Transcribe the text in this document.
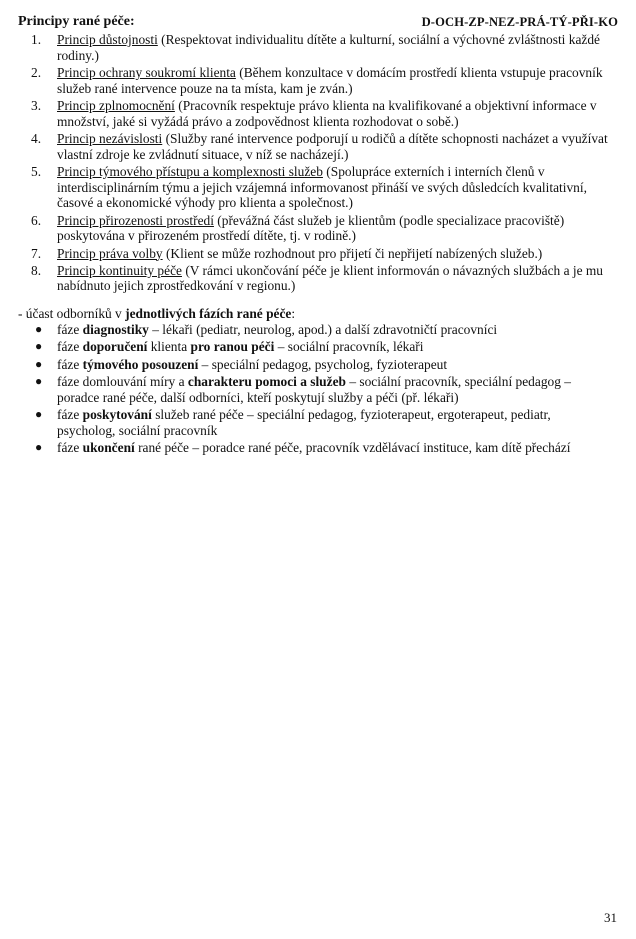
Principy rané péče:	D-OCH-ZP-NEZ-PRÁ-TÝ-PŘI-KO
1.	Princip důstojnosti (Respektovat individualitu dítěte a kulturní, sociální a výchovné zvláštnosti každé rodiny.)
2.	Princip ochrany soukromí klienta (Během konzultace v domácím prostředí klienta vstupuje pracovník služeb rané intervence pouze na ta místa, kam je zván.)
3.	Princip zplnomocnění (Pracovník respektuje právo klienta na kvalifikované a objektivní informace v množství, jaké si vyžádá právo a zodpovědnost klienta rozhodovat o sobě.)
4.	Princip nezávislosti (Služby rané intervence podporují u rodičů a dítěte schopnosti nacházet a využívat vlastní zdroje ke zvládnutí situace, v níž se nacházejí.)
5.	Princip týmového přístupu a komplexnosti služeb (Spolupráce externích i interních členů v interdisciplinárním týmu a jejich vzájemná informovanost přináší ve svých důsledcích kvalitativní, časové a ekonomické výhody pro klienta a společnost.)
6.	Princip přirozenosti prostředí (převážná část služeb je klientům (podle specializace pracoviště) poskytována v přirozeném prostředí dítěte, tj. v rodině.)
7.	Princip práva volby (Klient se může rozhodnout pro přijetí či nepřijetí nabízených služeb.)
8.	Princip kontinuity péče (V rámci ukončování péče je klient informován o návazných službách a je mu nabídnuto jejich zprostředkování v regionu.)
- účast odborníků v jednotlivých fázích rané péče:
●	fáze diagnostiky – lékaři (pediatr, neurolog, apod.) a další zdravotničtí pracovníci
●	fáze doporučení klienta pro ranou péči – sociální pracovník, lékaři
●	fáze týmového posouzení – speciální pedagog, psycholog, fyzioterapeut
●	fáze domlouvání míry a charakteru pomoci a služeb – sociální pracovník, speciální pedagog – poradce rané péče, další odborníci, kteří poskytují služby a péči (př. lékaři)
●	fáze poskytování služeb rané péče – speciální pedagog, fyzioterapeut, ergoterapeut, pediatr, psycholog, sociální pracovník
●	fáze ukončení rané péče – poradce rané péče, pracovník vzdělávací instituce, kam dítě přechází
31
